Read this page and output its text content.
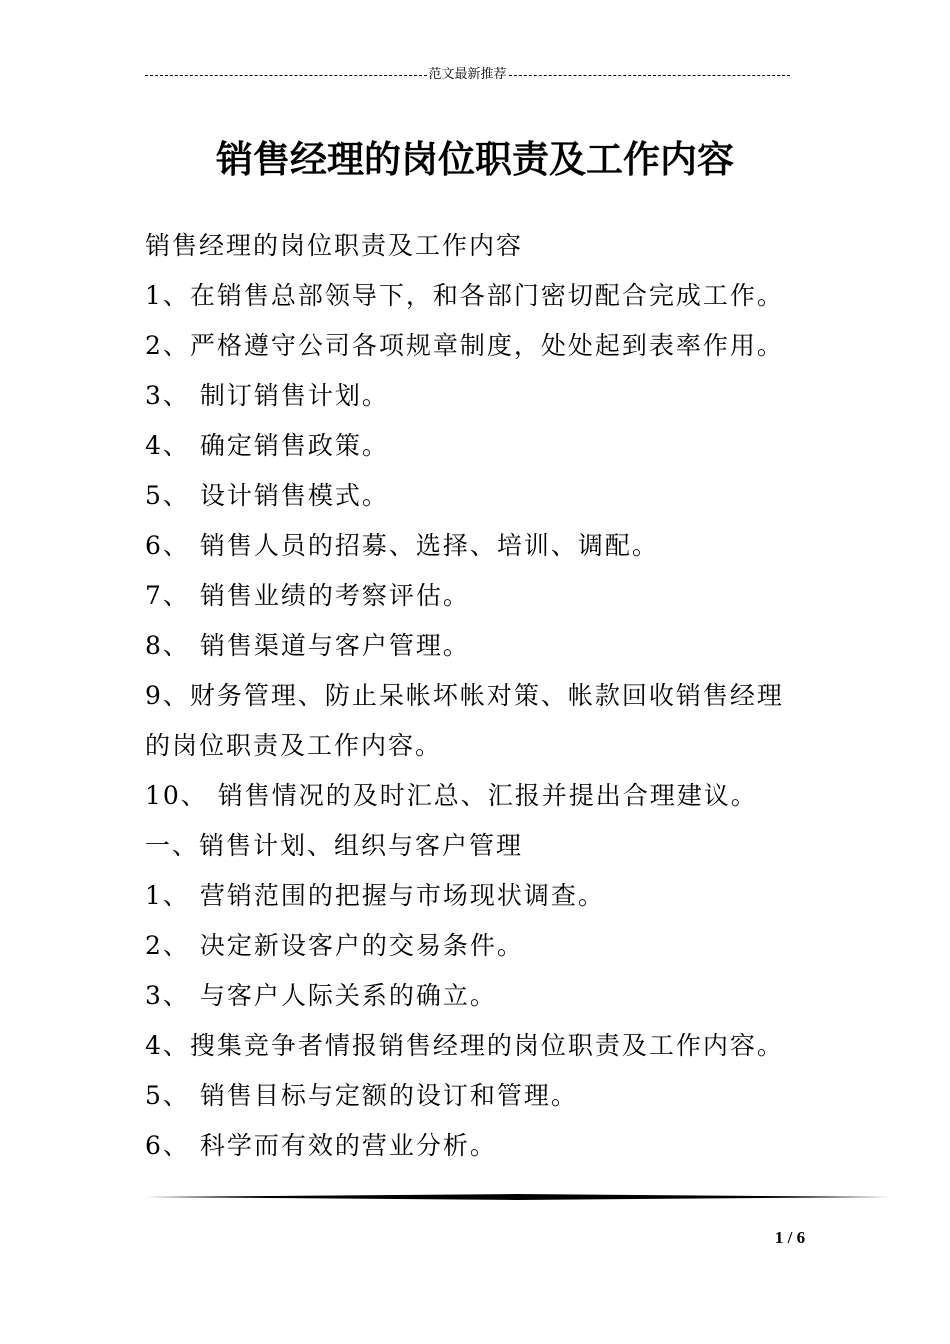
范文最新推荐
销售经理的岗位职责及工作内容
销售经理的岗位职责及工作内容
1、在销售总部领导下，和各部门密切配合完成工作。
2、严格遵守公司各项规章制度，处处起到表率作用。
3、 制订销售计划。
4、 确定销售政策。
5、 设计销售模式。
6、 销售人员的招募、选择、培训、调配。
7、 销售业绩的考察评估。
8、 销售渠道与客户管理。
9、财务管理、防止呆帐坏帐对策、帐款回收销售经理
的岗位职责及工作内容。
10、 销售情况的及时汇总、汇报并提出合理建议。
一、销售计划、组织与客户管理
1、 营销范围的把握与市场现状调查。
2、 决定新设客户的交易条件。
3、 与客户人际关系的确立。
4、搜集竞争者情报销售经理的岗位职责及工作内容。
5、 销售目标与定额的设订和管理。
6、 科学而有效的营业分析。
1 / 6
